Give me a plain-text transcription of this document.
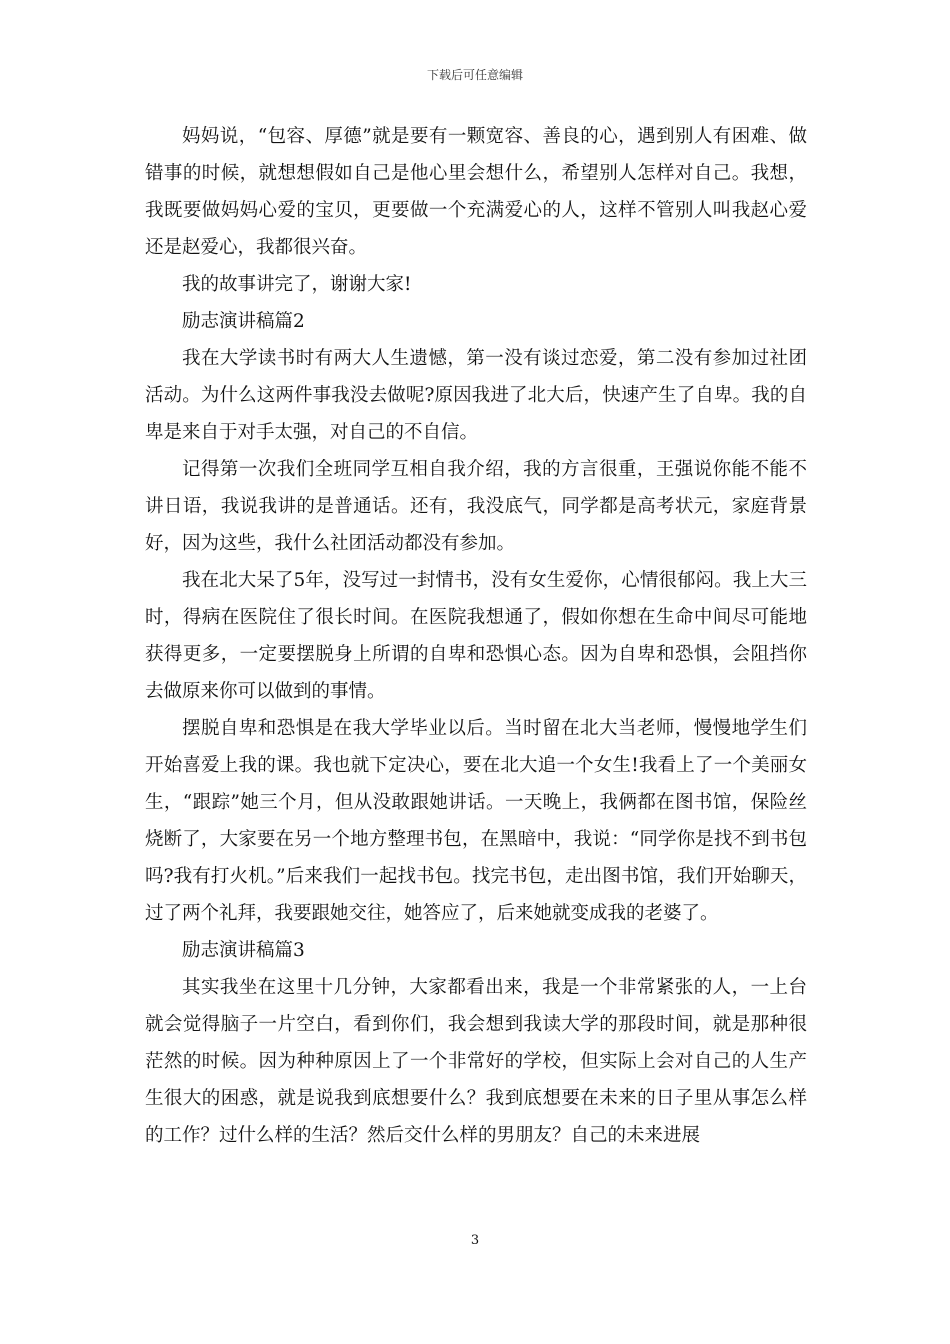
下载后可任意编辑

妈妈说，“包容、厚德”就是要有一颗宽容、善良的心，遇到别人有困难、做错事的时候，就想想假如自己是他心里会想什么，希望别人怎样对自己。我想，我既要做妈妈心爱的宝贝，更要做一个充满爱心的人，这样不管别人叫我赵心爱还是赵爱心，我都很兴奋。

我的故事讲完了，谢谢大家!

励志演讲稿篇2

我在大学读书时有两大人生遗憾，第一没有谈过恋爱，第二没有参加过社团活动。为什么这两件事我没去做呢?原因我进了北大后，快速产生了自卑。我的自卑是来自于对手太强，对自己的不自信。

记得第一次我们全班同学互相自我介绍，我的方言很重，王强说你能不能不讲日语，我说我讲的是普通话。还有，我没底气，同学都是高考状元，家庭背景好，因为这些，我什么社团活动都没有参加。

我在北大呆了5年，没写过一封情书，没有女生爱你，心情很郁闷。我上大三时，得病在医院住了很长时间。在医院我想通了，假如你想在生命中间尽可能地获得更多，一定要摆脱身上所谓的自卑和恐惧心态。因为自卑和恐惧，会阻挡你去做原来你可以做到的事情。

摆脱自卑和恐惧是在我大学毕业以后。当时留在北大当老师，慢慢地学生们开始喜爱上我的课。我也就下定决心，要在北大追一个女生!我看上了一个美丽女生，“跟踪”她三个月，但从没敢跟她讲话。一天晚上，我俩都在图书馆，保险丝烧断了，大家要在另一个地方整理书包，在黑暗中，我说：“同学你是找不到书包吗?我有打火机。”后来我们一起找书包。找完书包，走出图书馆，我们开始聊天，过了两个礼拜，我要跟她交往，她答应了，后来她就变成我的老婆了。

励志演讲稿篇3

其实我坐在这里十几分钟，大家都看出来，我是一个非常紧张的人，一上台就会觉得脑子一片空白，看到你们，我会想到我读大学的那段时间，就是那种很茫然的时候。因为种种原因上了一个非常好的学校，但实际上会对自己的人生产生很大的困惑，就是说我到底想要什么？我到底想要在未来的日子里从事怎么样的工作？过什么样的生活？然后交什么样的男朋友？自己的未来进展

3
